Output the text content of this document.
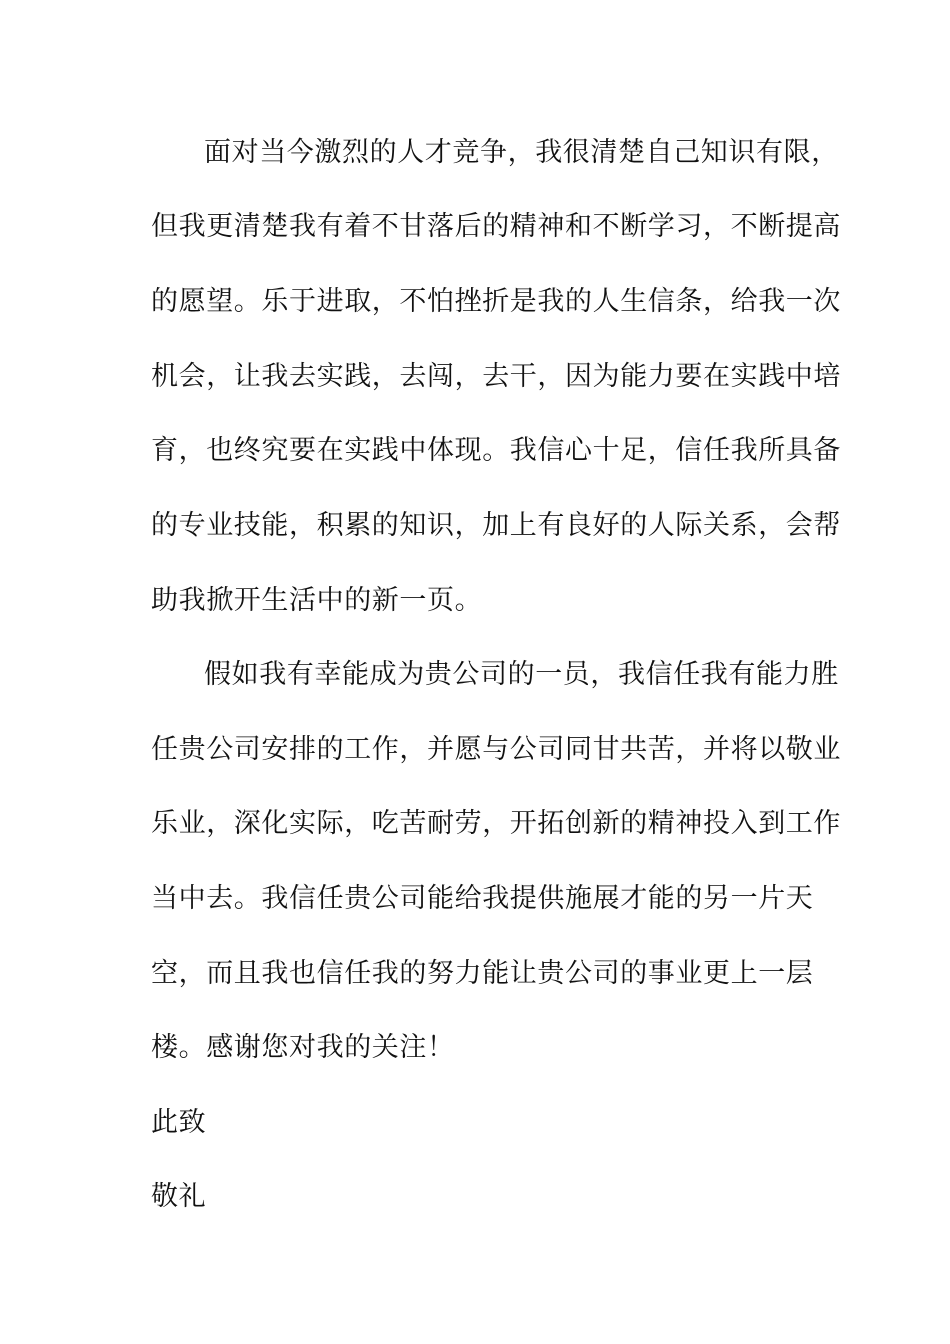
面对当今激烈的人才竞争，我很清楚自己知识有限，

但我更清楚我有着不甘落后的精神和不断学习，不断提高

的愿望。乐于进取，不怕挫折是我的人生信条，给我一次

机会，让我去实践，去闯，去干，因为能力要在实践中培

育，也终究要在实践中体现。我信心十足，信任我所具备

的专业技能，积累的知识，加上有良好的人际关系，会帮

助我掀开生活中的新一页。

假如我有幸能成为贵公司的一员，我信任我有能力胜

任贵公司安排的工作，并愿与公司同甘共苦，并将以敬业

乐业，深化实际，吃苦耐劳，开拓创新的精神投入到工作

当中去。我信任贵公司能给我提供施展才能的另一片天

空，而且我也信任我的努力能让贵公司的事业更上一层

楼。感谢您对我的关注！

此致

敬礼
